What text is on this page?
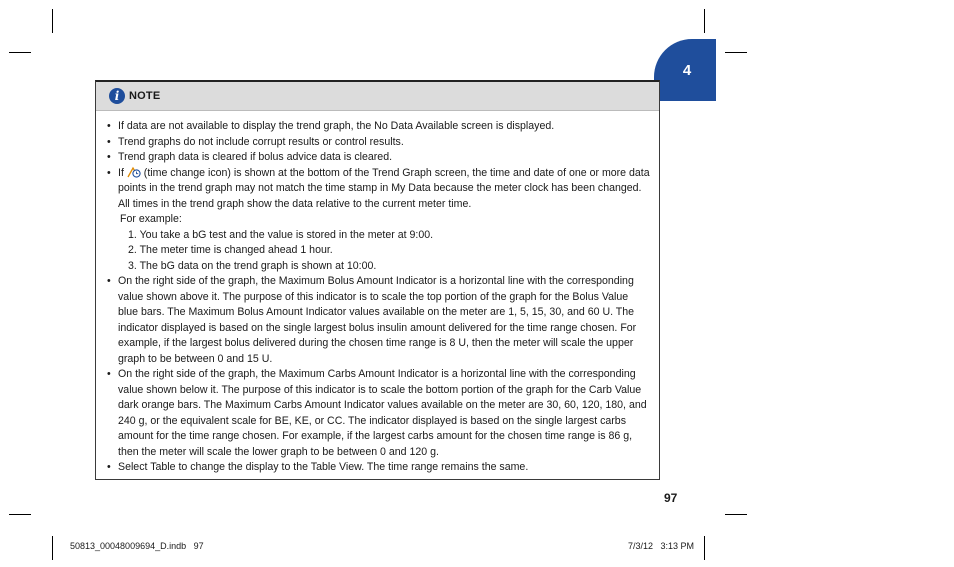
4
i NOTE
• If data are not available to display the trend graph, the No Data Available screen is displayed.
• Trend graphs do not include corrupt results or control results.
• Trend graph data is cleared if bolus advice data is cleared.
• If (time change icon) is shown at the bottom of the Trend Graph screen, the time and date of one or more data points in the trend graph may not match the time stamp in My Data because the meter clock has been changed. All times in the trend graph show the data relative to the current meter time.
For example:
1. You take a bG test and the value is stored in the meter at 9:00.
2. The meter time is changed ahead 1 hour.
3. The bG data on the trend graph is shown at 10:00.
• On the right side of the graph, the Maximum Bolus Amount Indicator is a horizontal line with the corresponding value shown above it. The purpose of this indicator is to scale the top portion of the graph for the Bolus Value blue bars. The Maximum Bolus Amount Indicator values available on the meter are 1, 5, 15, 30, and 60 U. The indicator displayed is based on the single largest bolus insulin amount delivered for the time range chosen. For example, if the largest bolus delivered during the chosen time range is 8 U, then the meter will scale the upper graph to be between 0 and 15 U.
• On the right side of the graph, the Maximum Carbs Amount Indicator is a horizontal line with the corresponding value shown below it. The purpose of this indicator is to scale the bottom portion of the graph for the Carb Value dark orange bars. The Maximum Carbs Amount Indicator values available on the meter are 30, 60, 120, 180, and 240 g, or the equivalent scale for BE, KE, or CC. The indicator displayed is based on the single largest carbs amount for the time range chosen. For example, if the largest carbs amount for the chosen time range is 86 g, then the meter will scale the lower graph to be between 0 and 120 g.
• Select Table to change the display to the Table View. The time range remains the same.
97
50813_00048009694_D.indb   97	7/3/12   3:13 PM
